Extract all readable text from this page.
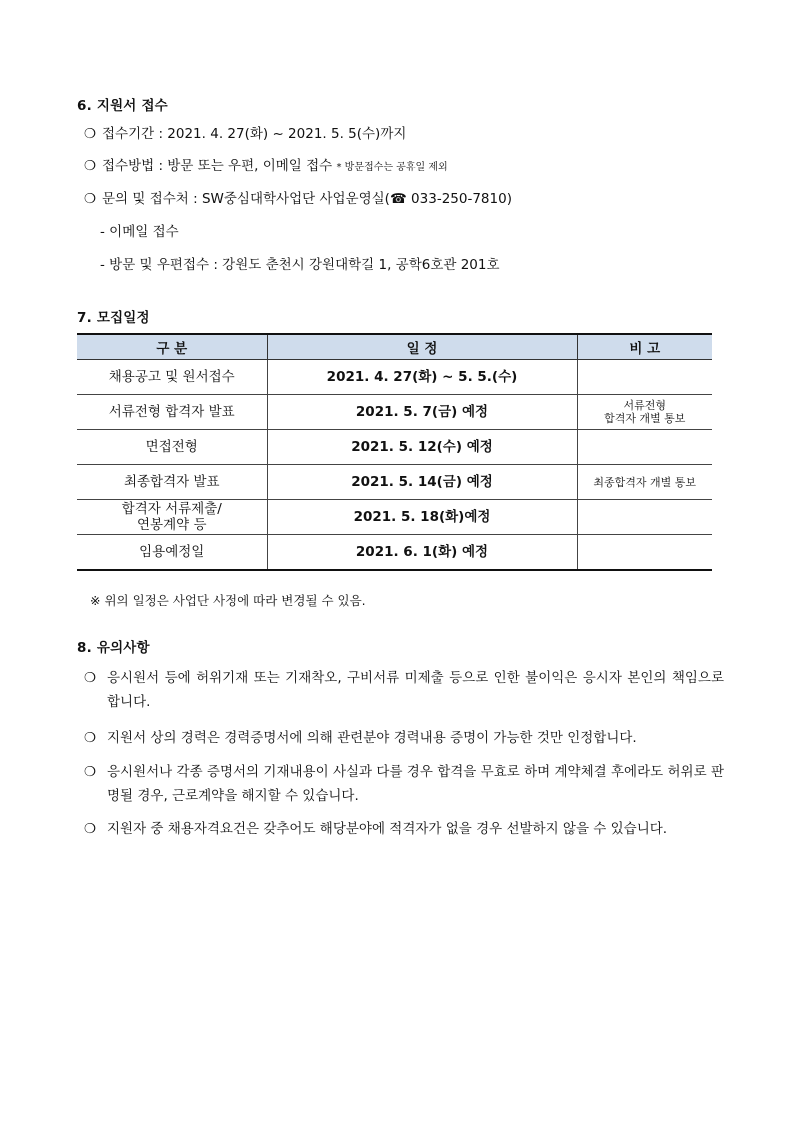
6. 지원서 접수
❍ 접수기간 : 2021. 4. 27(화) ~ 2021. 5. 5(수)까지
❍ 접수방법 : 방문 또는 우편, 이메일 접수 * 방문접수는 공휴일 제외
❍ 문의 및 접수처 : SW중심대학사업단 사업운영실(☎ 033-250-7810)
- 이메일 접수
- 방문 및 우편접수 : 강원도 춘천시 강원대학길 1, 공학6호관 201호
7. 모집일정
구 분	일 정	비 고
채용공고 및 원서접수	2021. 4. 27(화) ~ 5. 5.(수)	
서류전형 합격자 발표	2021. 5. 7(금) 예정	서류전형
합격자 개별 통보

면접전형	2021. 5. 12(수) 예정	
최종합격자 발표	2021. 5. 14(금) 예정	최종합격자 개별 통보

합격자 서류제출/
연봉계약 등	2021. 5. 18(화)예정	
임용예정일	2021. 6. 1(화) 예정	
※ 위의 일정은 사업단 사정에 따라 변경될 수 있음.
8. 유의사항
❍ 응시원서 등에 허위기재 또는 기재착오, 구비서류 미제출 등으로 인한 불이익은 응시자 본인의 책임으로 합니다.
❍ 지원서 상의 경력은 경력증명서에 의해 관련분야 경력내용 증명이 가능한 것만 인정합니다.
❍ 응시원서나 각종 증명서의 기재내용이 사실과 다를 경우 합격을 무효로 하며 계약체결 후에라도 허위로 판명될 경우, 근로계약을 해지할 수 있습니다.
❍ 지원자 중 채용자격요건은 갖추어도 해당분야에 적격자가 없을 경우 선발하지 않을 수 있습니다.
